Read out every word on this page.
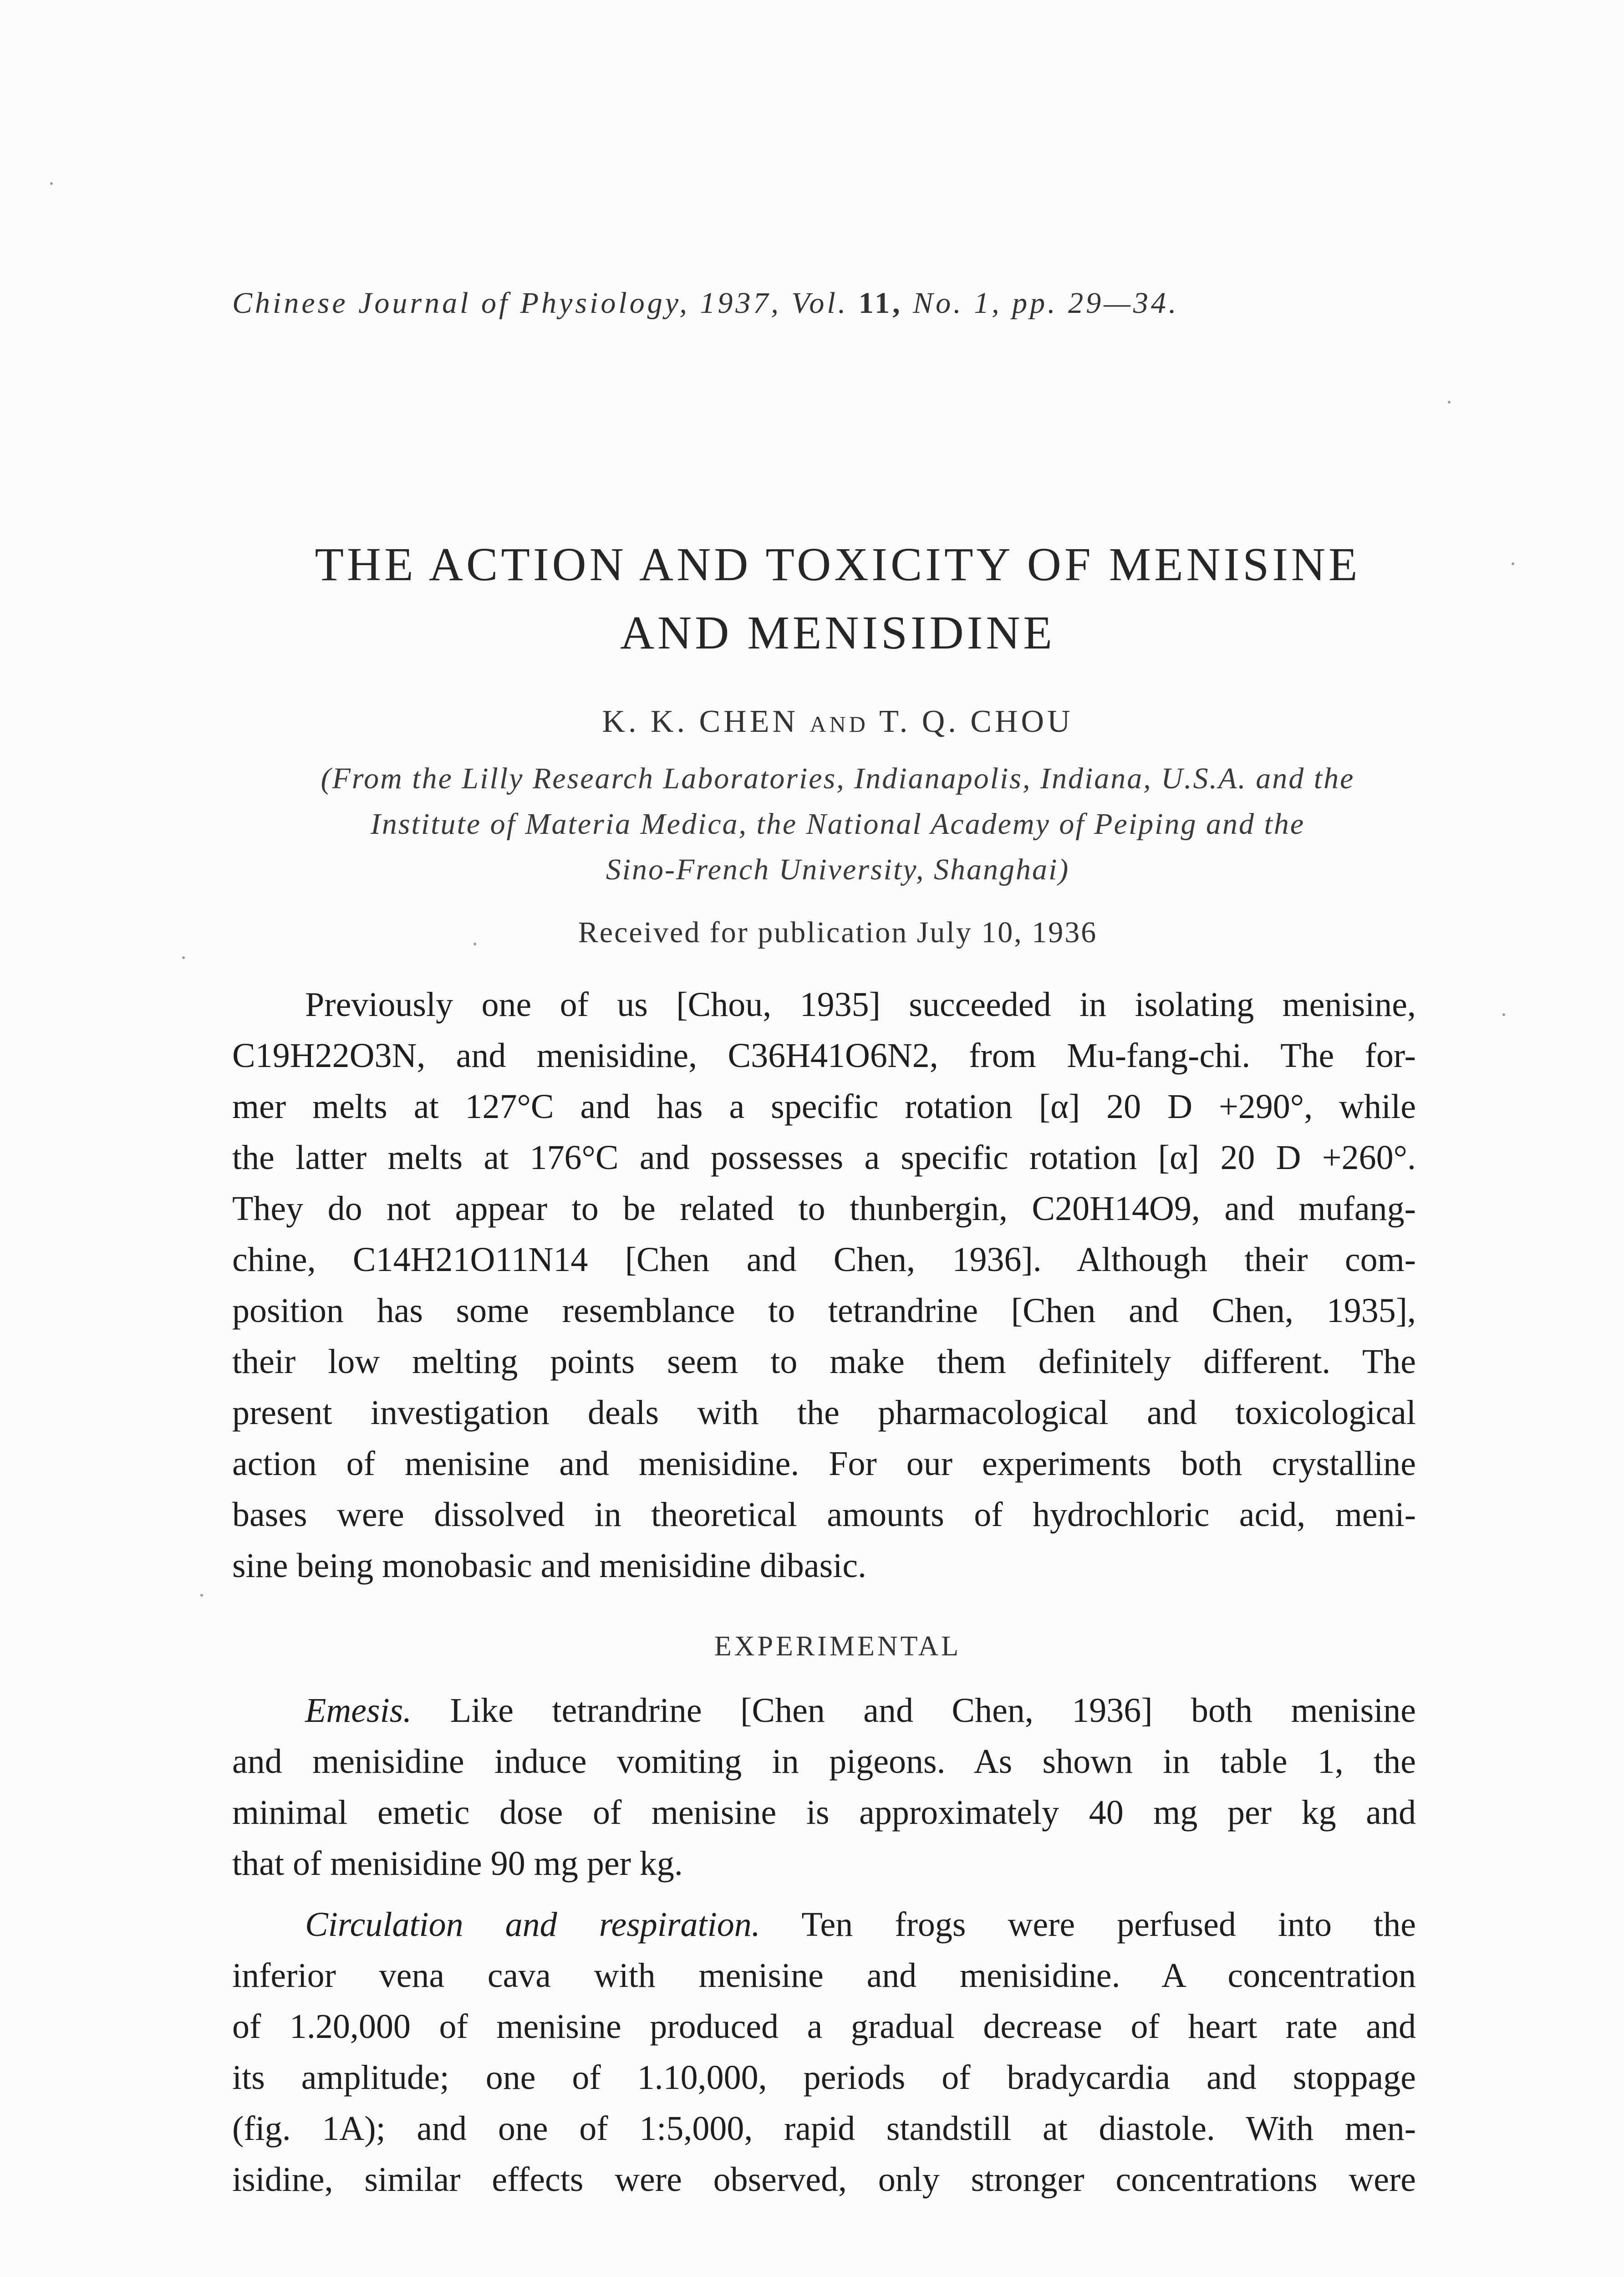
Chinese Journal of Physiology, 1937, Vol. 11, No. 1, pp. 29—34.
THE ACTION AND TOXICITY OF MENISINE
AND MENISIDINE
K. K. CHEN AND T. Q. CHOU
(From the Lilly Research Laboratories, Indianapolis, Indiana, U.S.A. and the
Institute of Materia Medica, the National Academy of Peiping and the
Sino-French University, Shanghai)
Received for publication July 10, 1936
Previously one of us [Chou, 1935] succeeded in isolating menisine,
C19H22O3N, and menisidine, C36H41O6N2, from Mu-fang-chi. The for-
mer melts at 127°C and has a specific rotation [α] 20 D +290°, while
the latter melts at 176°C and possesses a specific rotation [α] 20 D +260°.
They do not appear to be related to thunbergin, C20H14O9, and mufang-
chine, C14H21O11N14 [Chen and Chen, 1936]. Although their com-
position has some resemblance to tetrandrine [Chen and Chen, 1935],
their low melting points seem to make them definitely different. The
present investigation deals with the pharmacological and toxicological
action of menisine and menisidine. For our experiments both crystalline
bases were dissolved in theoretical amounts of hydrochloric acid, meni-
sine being monobasic and menisidine dibasic.
EXPERIMENTAL
Emesis. Like tetrandrine [Chen and Chen, 1936] both menisine
and menisidine induce vomiting in pigeons. As shown in table 1, the
minimal emetic dose of menisine is approximately 40 mg per kg and
that of menisidine 90 mg per kg.
Circulation and respiration. Ten frogs were perfused into the
inferior vena cava with menisine and menisidine. A concentration
of 1.20,000 of menisine produced a gradual decrease of heart rate and
its amplitude; one of 1.10,000, periods of bradycardia and stoppage
(fig. 1A); and one of 1:5,000, rapid standstill at diastole. With men-
isidine, similar effects were observed, only stronger concentrations were
